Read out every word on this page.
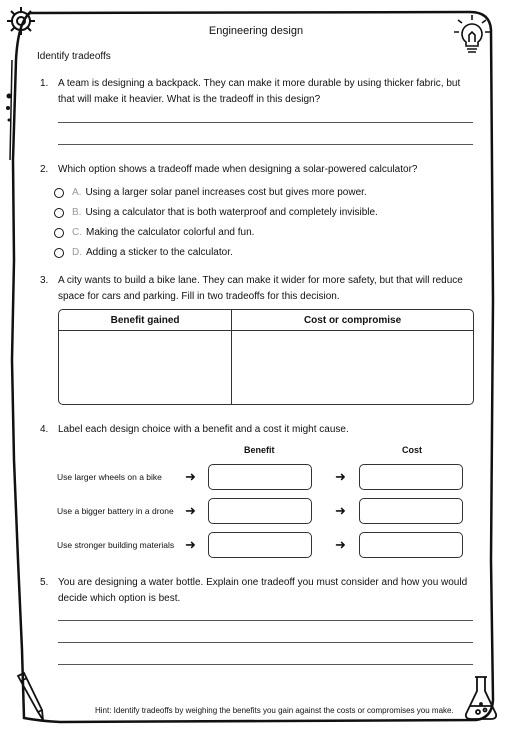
Engineering design
Identify tradeoffs
1. A team is designing a backpack. They can make it more durable by using thicker fabric, but that will make it heavier. What is the tradeoff in this design?
2. Which option shows a tradeoff made when designing a solar-powered calculator?
A. Using a larger solar panel increases cost but gives more power.
B. Using a calculator that is both waterproof and completely invisible.
C. Making the calculator colorful and fun.
D. Adding a sticker to the calculator.
3. A city wants to build a bike lane. They can make it wider for more safety, but that will reduce space for cars and parking. Fill in two tradeoffs for this decision.
Benefit gained	Cost or compromise

4. Label each design choice with a benefit and a cost it might cause.
Benefit	Cost
Use larger wheels on a bike ➜	➜
Use a bigger battery in a drone ➜	➜
Use stronger building materials ➜	➜
5. You are designing a water bottle. Explain one tradeoff you must consider and how you would decide which option is best.
Hint: Identify tradeoffs by weighing the benefits you gain against the costs or compromises you make.
